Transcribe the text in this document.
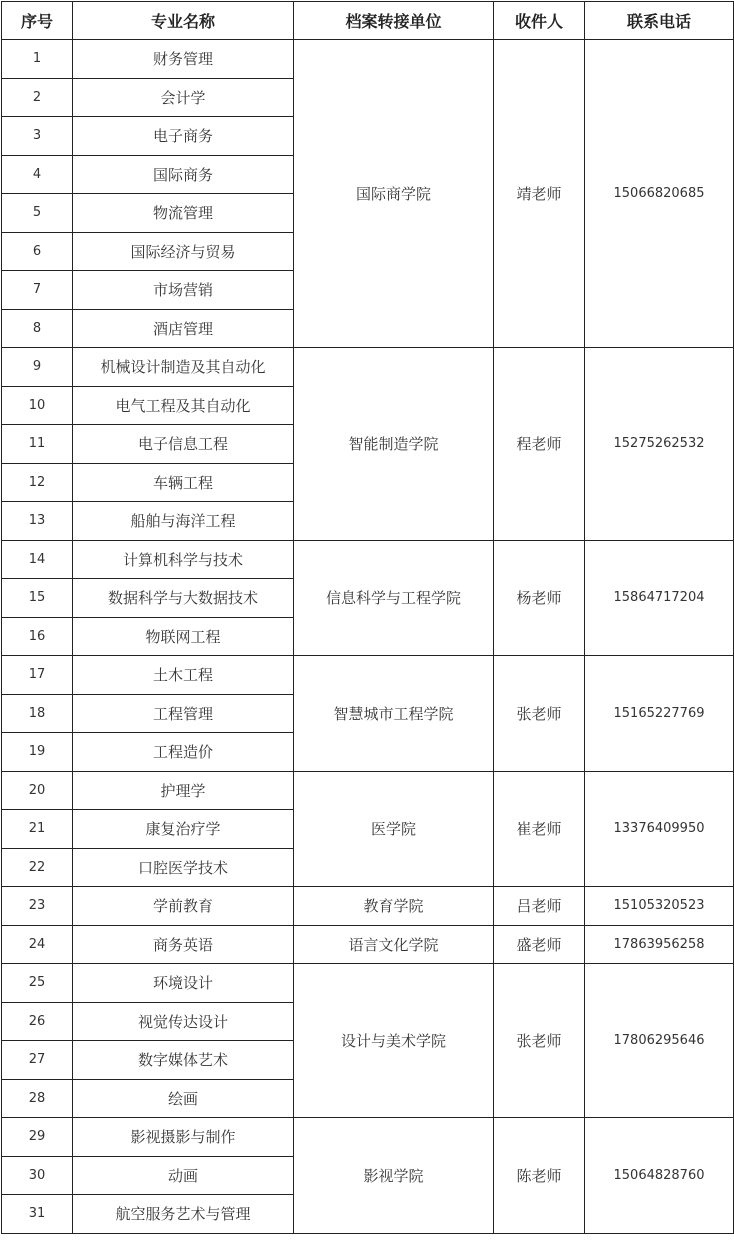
序号	专业名称	档案转接单位	收件人	联系电话
1	财务管理	国际商学院	靖老师	15066820685
2	会计学			
3	电子商务			
4	国际商务			
5	物流管理			
6	国际经济与贸易			
7	市场营销			
8	酒店管理			
9	机械设计制造及其自动化	智能制造学院	程老师	15275262532
10	电气工程及其自动化			
11	电子信息工程			
12	车辆工程			
13	船舶与海洋工程			
14	计算机科学与技术	信息科学与工程学院	杨老师	15864717204
15	数据科学与大数据技术			
16	物联网工程			
17	土木工程	智慧城市工程学院	张老师	15165227769
18	工程管理			
19	工程造价			
20	护理学	医学院	崔老师	13376409950
21	康复治疗学			
22	口腔医学技术			
23	学前教育	教育学院	吕老师	15105320523
24	商务英语	语言文化学院	盛老师	17863956258
25	环境设计	设计与美术学院	张老师	17806295646
26	视觉传达设计			
27	数字媒体艺术			
28	绘画			
29	影视摄影与制作	影视学院	陈老师	15064828760
30	动画			
31	航空服务艺术与管理			
